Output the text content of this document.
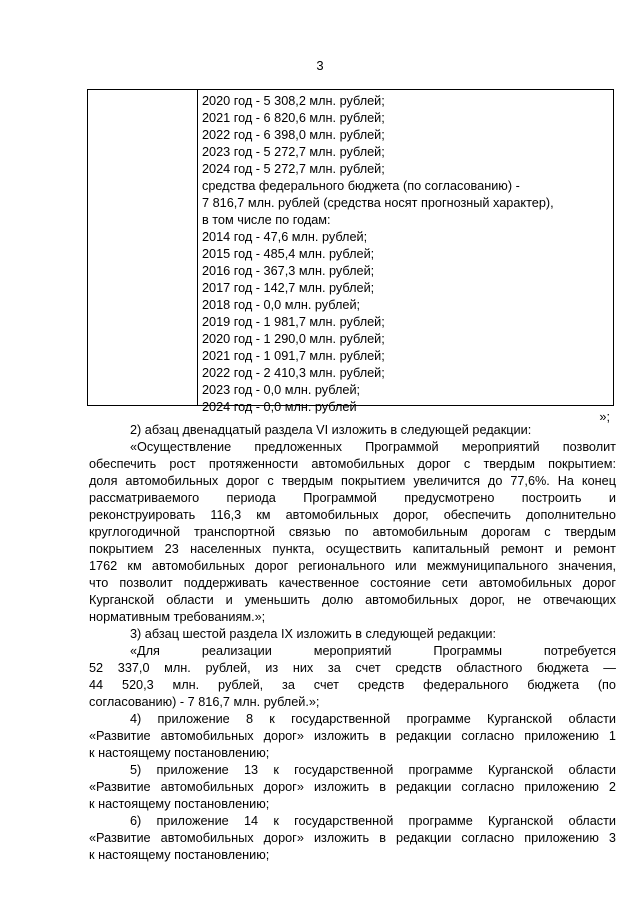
3
2020 год - 5 308,2 млн. рублей;
2021 год - 6 820,6 млн. рублей;
2022 год - 6 398,0 млн. рублей;
2023 год - 5 272,7 млн. рублей;
2024 год - 5 272,7 млн. рублей;
средства федерального бюджета (по согласованию) -
7 816,7 млн. рублей (средства носят прогнозный характер),
в том числе по годам:
2014 год - 47,6 млн. рублей;
2015 год - 485,4 млн. рублей;
2016 год - 367,3 млн. рублей;
2017 год - 142,7 млн. рублей;
2018 год - 0,0 млн. рублей;
2019 год - 1 981,7 млн. рублей;
2020 год - 1 290,0 млн. рублей;
2021 год - 1 091,7 млн. рублей;
2022 год - 2 410,3 млн. рублей;
2023 год - 0,0 млн. рублей;
2024 год - 0,0 млн. рублей
»;
2) абзац двенадцатый раздела VI изложить в следующей редакции:
«Осуществление предложенных Программой мероприятий позволит
обеспечить рост протяженности автомобильных дорог с твердым покрытием:
доля автомобильных дорог с твердым покрытием увеличится до 77,6%. На конец
рассматриваемого периода Программой предусмотрено построить и
реконструировать 116,3 км автомобильных дорог, обеспечить дополнительно
круглогодичной транспортной связью по автомобильным дорогам с твердым
покрытием 23 населенных пункта, осуществить капитальный ремонт и ремонт
1762 км автомобильных дорог регионального или межмуниципального значения,
что позволит поддерживать качественное состояние сети автомобильных дорог
Курганской области и уменьшить долю автомобильных дорог, не отвечающих
нормативным требованиям.»;
3) абзац шестой раздела IX изложить в следующей редакции:
«Для реализации мероприятий Программы потребуется
52 337,0 млн. рублей, из них за счет средств областного бюджета —
44 520,3 млн. рублей, за счет средств федерального бюджета (по
согласованию) - 7 816,7 млн. рублей.»;
4) приложение 8 к государственной программе Курганской области
«Развитие автомобильных дорог» изложить в редакции согласно приложению 1
к настоящему постановлению;
5) приложение 13 к государственной программе Курганской области
«Развитие автомобильных дорог» изложить в редакции согласно приложению 2
к настоящему постановлению;
6) приложение 14 к государственной программе Курганской области
«Развитие автомобильных дорог» изложить в редакции согласно приложению 3
к настоящему постановлению;
